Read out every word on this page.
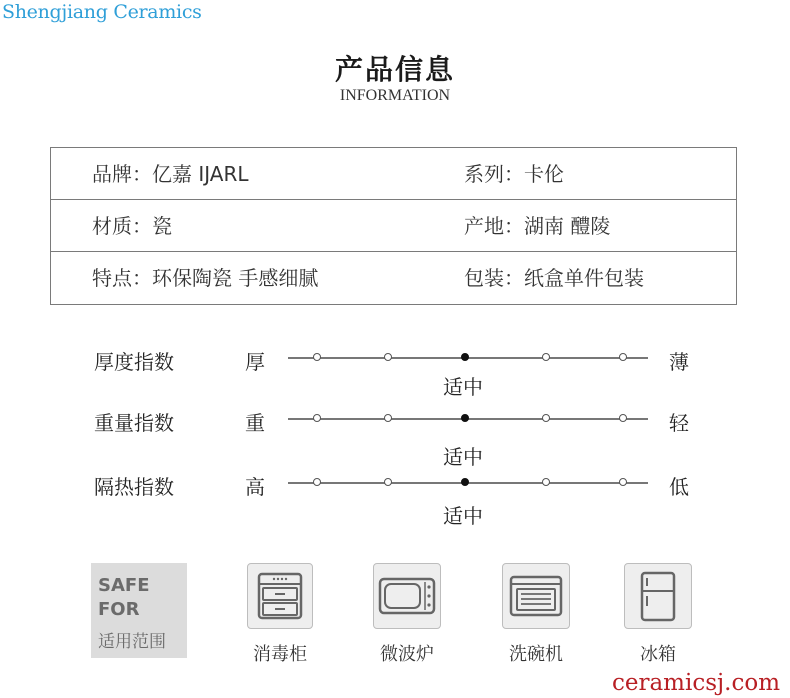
Shengjiang Ceramics
产品信息
INFORMATION
品牌：亿嘉 IJARL	系列：卡伦
材质：瓷	产地：湖南 醴陵
特点：环保陶瓷 手感细腻	包装：纸盒单件包装
厚度指数	厚	薄
适中
重量指数	重	轻
适中
隔热指数	高	低
适中
SAFE
FOR
适用范围
消毒柜	微波炉	洗碗机	冰箱
ceramicsj.com
